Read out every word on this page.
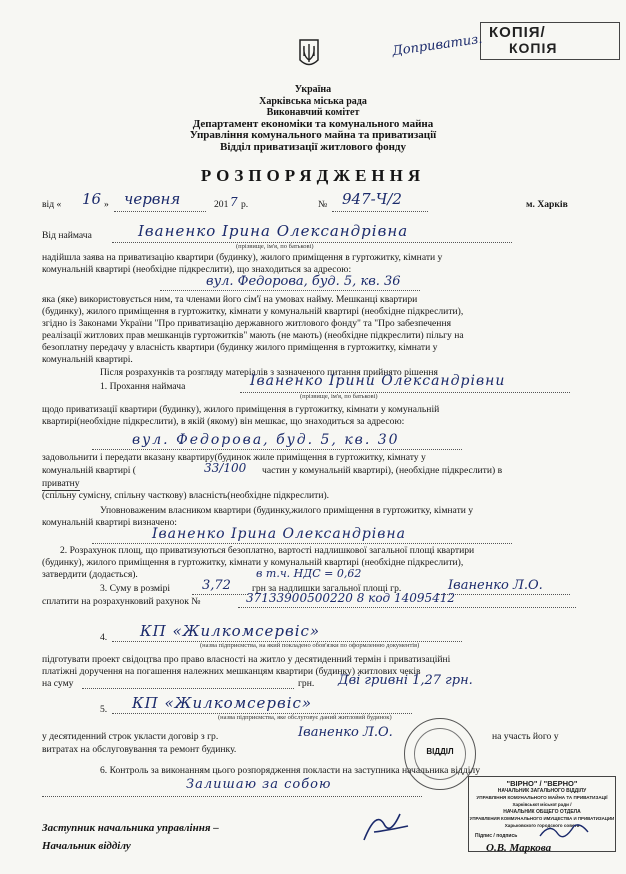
КОПІЯ/
КОПІЯ
Доприватиз.
Україна
Харківська міська рада
Виконавчий комітет
Департамент економіки та комунального майна
Управління комунального майна та приватизації
Відділ приватизації житлового фонду
РОЗПОРЯДЖЕННЯ
від « 16 » червня	201 7 р.	№ 947-Ч/2	м. Харків
Від наймача	Іваненко Ірина Олександрівна
(прізвище, ім'я, по батькові)
надійшла заява на приватизацію квартири (будинку), жилого приміщення в гуртожитку, кімнати у
комунальній квартирі (необхідне підкреслити), що знаходиться за адресою:
вул. Федорова, буд. 5, кв. 36
яка (яке) використовується ним, та членами його сім'ї на умовах найму. Мешканці квартири
(будинку), жилого приміщення в гуртожитку, кімнати у комунальній квартирі (необхідне підкреслити),
згідно із Законами України "Про приватизацію державного житлового фонду" та "Про забезпечення
реалізації житлових прав мешканців гуртожитків" мають (не мають) (необхідне підкреслити) пільгу на
безоплатну передачу у власність квартири (будинку жилого приміщення в гуртожитку, кімнати у
комунальній квартирі.
Після розрахунків та розгляду матеріалів з зазначеного питання прийнято рішення
1. Прохання наймача	Іваненко Ірини Олександрівни
(прізвище, ім'я, по батькові)
щодо приватизації квартири (будинку), жилого приміщення в гуртожитку, кімнати у комунальній
квартирі(необхідне підкреслити), в якій (якому) він мешкає, що знаходиться за адресою:
вул. Федорова, буд. 5, кв. 30
задовольнити і передати вказану квартиру(будинок жиле приміщення в гуртожитку, кімнату у
комунальній квартирі (	33/100 частин у комунальній квартирі), (необхідне підкреслити) в
приватну
(спільну сумісну, спільну часткову) власність(необхідне підкреслити).
Уповноваженим власником квартири (будинку,жилого приміщення в гуртожитку, кімнати у
комунальній квартирі визначено:
Іваненко Ірина Олександрівна
2. Розрахунок площ, що приватизуються безоплатно, вартості надлишкової загальної площі квартири
(будинку), жилого приміщення в гуртожитку, кімнати у комунальній квартирі (необхідне підкреслити),
затвердити (додається).	в т.ч. НДС = 0,62
3. Суму в розмірі 3,72 грн за надлишки загальної площі гр.	Іваненко Л.О.
сплатити на розрахунковий рахунок №	37133900500220 8 код 14095412
4. КП «Жилкомсервіс»
(назва підприємства, на який покладено обов'язки по оформленню документів)
підготувати проект свідоцтва про право власності на житло у десятиденний термін і приватизаційні
платіжні доручення на погашення належних мешканцям квартири (будинку) житлових чеків
на суму	грн. Дві гривні 1,27 грн.
5. КП «Жилкомсервіс»
(назва підприємства, яке обслуговує даний житловий будинок)
у десятиденний строк укласти договір з гр.	Іваненко Л.О.	на участь його у
витратах на обслуговування та ремонт будинку.	ВІДДІЛ
6. Контроль за виконанням цього розпорядження покласти на заступника начальника відділу
Залишаю за собою	"ВІРНО" / "ВЕРНО"
НАЧАЛЬНИК ЗАГАЛЬНОГО ВІДДІЛУ
УПРАВЛІННЯ КОМУНАЛЬНОГО МАЙНА ТА ПРИВАТИЗАЦІЇ
Харківської міської ради /
НАЧАЛЬНИК ОБЩЕГО ОТДЕЛА
УПРАВЛЕНИЯ КОММУНАЛЬНОГО ИМУЩЕСТВА И ПРИВАТИЗАЦИИ
Харьковского городского совета
Підпис / подпись
Заступник начальника управління –
Начальник відділу	О.В. Маркова
